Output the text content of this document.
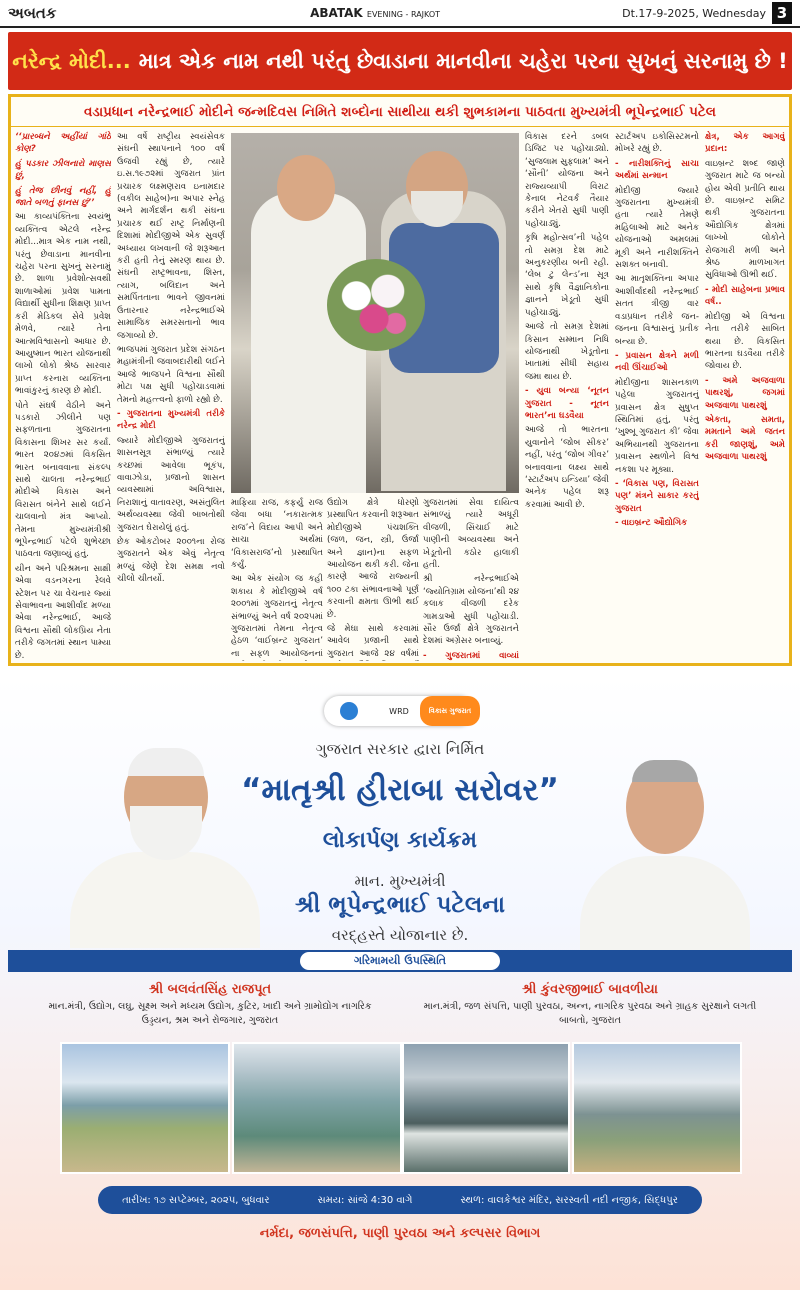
અબતક	ABATAK EVENING - RAJKOT	Dt.17-9-2025, Wednesday 3
નરેન્દ્ર મોદી... માત્ર એક નામ નથી પરંતુ છેવાડાના માનવીના ચહેરા પરના સુખનું સરનામુ છે !
વડાપ્રધાન નરેન્દ્રભાઈ મોદીને જન્મદિવસ નિમિતે શબ્દોના સાથીયા થકી શુભકામના પાઠવતા મુખ્યમંત્રી ભૂપેન્દ્રભાઈ પટેલ

‘‘પ્રારબ્ધને અહીંયાં ગાંઠે કોણ?

હું પડકાર ઝીલનારો માણસ છું,

હું તેજ છીનવું નહીં, હું જાતે બળતું ફાનસ છું’’

આ કાવ્યપંક્તિના સ્વયંભુ વ્યક્તિત્વ એટલે નરેન્દ્ર મોદી...માત્ર એક નામ નથી, પરંતુ છેવાડાના માનવીના ચહેરા પરના સુખનું સરનામું છે. શાળા પ્રવેશોત્સવથી શાળાઓમાં પ્રવેશ પામતા વિદ્યાર્થી સુધીના શિક્ષણ પ્રાપ્ત કરી મેડિકલ સેવે પ્રવેશ મેળવે, ત્યારે તેના આત્મવિશ્વાસનો આધાર છે. આયુષ્માન ભારત યોજનાથી લાખો લોકો શ્રેષ્ઠ સારવાર પ્રાપ્ત કરનારા વ્યક્તિના ભાવાંકુરનું કારણ છે મોદી.

પોતે સંઘર્ષ વેઠીને અને પડકારો ઝીલીને પણ સફળતાના ગુજરાતના વિકાસના શિખર સર કર્યા. ભારત ૨૦૪૭માં વિકસિત ભારત બનાવવાના સંકલ્પ સાથે ચાલતા નરેન્દ્રભાઈ મોદીએ વિકાસ અને વિરાસત બંનેને સાથે લઈને ચાલવાનો મંત્ર આપ્યો. તેમના મુખ્યમંત્રીશ્રી ભૂપેન્દ્રભાઈ પટેલે શુભેચ્છા પાઠવતા જણાવ્યું હતું.

યીન અને પરિશ્રમના સાક્ષી એવા વડનગરના રેલવે સ્ટેશન પર ચા વેચનાર જ્યાં સેવાભાવના આશીર્વાદ મળ્યા એવા નરેન્દ્રભાઈ, આજે વિશ્વના સૌથી લોકપ્રિય નેતા તરીકે જગતમાં સ્થાન પામ્યા છે.

આ વર્ષે રાષ્ટ્રીય સ્વયંસેવક સંઘની સ્થાપનાને ૧૦૦ વર્ષ ઉજવી રહ્યું છે, ત્યારે ઇ.સ.૧૯૭૨માં ગુજરાત પ્રાંત પ્રચારક લક્ષ્મણરાવ ઇનામદાર (વકીલ સાહેબ)ના અપાર સ્નેહ અને માર્ગદર્શન થકી સંઘના પ્રચારક થઈ રાષ્ટ્ર નિર્માણની દિશામાં મોદીજીએ એક સુવર્ણ અધ્યાય લખવાની જે શરૂઆત કરી હતી તેનું સ્મરણ થાય છે. સંઘની રાષ્ટ્રભાવના, શિસ્ત, ત્યાગ, બલિદાન અને સમર્પિતતાના ભાવને જીવનમાં ઉતારનાર નરેન્દ્રભાઈએ સામાજિક સમરસતાનો ભાવ જગાવ્યો છે.

ભાજપમાં ગુજરાત પ્રદેશ સંગઠન મહામંત્રીની જવાબદારીથી લઈને આજે ભાજપને વિશ્વના સૌથી મોટા પક્ષ સુધી પહોંચાડવામાં તેમનો મહત્ત્વનો ફાળો રહ્યો છે.

- ગુજરાતના મુખ્યમંત્રી તરીકે નરેન્દ્ર મોદી

જ્યારે મોદીજીએ ગુજરાતનું શાસનસૂત્ર સંભાળ્યું ત્યારે કચ્છમાં આવેલા ભૂકંપ, વાવાઝોડા, પ્રજાનો શાસન વ્યવસ્થામાં અવિશ્વાસ, નિરાશાનું વાતાવરણ, અસંતુલિત અર્થવ્યવસ્થા જેવી બાબતોથી ગુજરાત ઘેરાયેલું હતું.

છેક ઓકટોબર ૨૦૦૧ના રોજ ગુજરાતને એક એવું નેતૃત્વ મળ્યું જેણે દેશ સમક્ષ નવો ચીલો ચીતર્યો.

માફિયા રાજ, કફર્યુ રાજ જેવા બધા ‘નકારાત્મક રાજ’ને વિદાય આપી અને સાચા અર્થમાં ‘વિકાસરાજ’નો પ્રસ્થાપિત કર્યું.

આ એક સંયોગ જ કહી શકાય કે મોદીજીએ વર્ષ ૨૦૦૧માં ગુજરાતનું નેતૃત્વ સંભાળ્યું અને વર્ષ ૨૦૨૫માં ગુજરાતમાં તેમના નેતૃત્વ હેઠળ ‘વાઈબ્રન્ટ ગુજરાત’ ના સફળ આયોજનનાં

ઉદ્યોગ ક્ષેત્રે ધોરણો પ્રસ્થાપિત કરવાની શરૂઆત મોદીજીએ પંચશક્તિ (જળ, જન, સ્ત્રી, ઉર્જા અને જ્ઞાન)ના સફળ આયોજન થકી કરી. જેના કારણે આજે રાજ્યની ૧૦૦ ટકા સંભાવનાઓ પૂર્ણ કરવાની ક્ષમતા ઊભી થઈ છે.

જે મેઘા સાથે કરવામાં આવેલ પ્રજાની સાથે ગુજરાત આજે ૨૪ વર્ષમાં

ગુજરાતમાં સેવા દાયિત્વ સંભાળ્યું ત્યારે અધૂરી વીજળી, સિંચાઈ માટે પાણીની અવ્યવસ્થા અને ખેડૂતોની કઠોર હાલાકી હતી.

શ્રી નરેન્દ્રભાઈએ ‘જ્યોતિગ્રામ યોજના’થી ૨૪ કલાક વીજળી દરેક ગામડાઓ સુધી પહોંચાડી. સૌર ઉર્જા ક્ષેત્રે ગુજરાતને દેશમાં અગ્રેસર બનાવ્યું.

- ગુજરાતમાં વાવ્યાં

વિકાસ દરને ડબલ ડિજિટ પર પહોંચાડ્યો. ‘સુજલામ સુફલામ’ અને ‘સૌની’ યોજના અને રાજ્યવ્યાપી વિરાટ કેનાલ નેટવર્ક તૈયાર કરીને ખેતરો સુધી પાણી પહોંચાડ્યું.

કૃષિ મહોત્સવ’ની પહેલ તો સમગ્ર દેશ માટે અનુકરણીય બની રહી. ‘લેબ ટુ લેન્ડ’ના સૂત્ર સાથે કૃષિ વૈજ્ઞાનિકોના જ્ઞાનને ખેડૂતો સુધી પહોંચાડ્યું.

આજે તો સમગ્ર દેશમાં કિસાન સમ્માન નિધિ યોજનાથી ખેડૂતોના ખાતામાં સીધી સહાય જમા થાય છે.

- યુવા બન્યા ‘નૂતન ગુજરાત - નૂતન ભારત’ના ઘડવૈયા

આજે તો ભારતના યુવાનોને ‘જોબ સીકર’ નહીં, પરંતુ ‘જોબ ગીવર’ બનાવવાના લક્ષ્ય સાથે ‘સ્ટાર્ટઅપ ઇન્ડિયા’ જેવી અનેક પહેલ શરૂ કરવામાં આવી છે.

સ્ટાર્ટઅપ ઇકોસિસ્ટમનો મોખરે રહ્યું છે.

- નારીશક્તિનું સાચા અર્થમાં સન્માન

મોદીજી જ્યારે ગુજરાતના મુખ્યમંત્રી હતા ત્યારે તેમણે મહિલાઓ માટે અનેક યોજનાઓ અમલમાં મૂકી અને નારીશક્તિને સશક્ત બનાવી.

આ માતૃશક્તિના અપાર આશીર્વાદથી નરેન્દ્રભાઈ સતત ત્રીજી વાર વડાપ્રધાન તરીકે જન-જનના વિશ્વાસનું પ્રતીક બન્યા છે.

- પ્રવાસન ક્ષેત્રને મળી નવી ઊંચાઈઓ

મોદીજીના શાસનકાળ પહેલા ગુજરાતનું પ્રવાસન ક્ષેત્ર સુષુપ્ત સ્થિતિમાં હતું, પરંતુ ‘ખુશ્બૂ ગુજરાત કી’ જેવા અભિયાનથી ગુજરાતના પ્રવાસન સ્થળોને વિશ્વ નકશા પર મૂક્યા.

- ‘વિકાસ પણ, વિરાસત પણ’ મંત્રને સાકાર કરતું ગુજરાત

- વાઇબ્રન્ટ ઔદ્યોગિક

ક્ષેત્ર, એક આગવું પ્રદાન:

વાઇબ્રન્ટ શબ્દ જાણે ગુજરાત માટે જ બન્યો હોય એવી પ્રતીતિ થાય છે. વાઇબ્રન્ટ સમિટ થકી ગુજરાતના ઔદ્યોગિક ક્ષેત્રમાં લાખ્ખો લોકોને રોજગારી મળી અને શ્રેષ્ઠ માળખાગત સુવિધાઓ ઊભી થઈ.

- મોદી સાહેબના પ્રભાવ વર્ષ..

મોદીજી એ વિશ્વના નેતા તરીકે સાબિત થયા છે. વિકસિત ભારતના ઘડવૈયા તરીકે જોવાય છે.

- અમે અજવાળા પાથરશું, જગમાં અજવાળા પાથરશું

એકતા, સમતા, મમતાને અમે જતન કરી જાણશું, અમે અજવાળા પાથરશું

WRD	વિકાસ ગુજરાત
ગુજરાત સરકાર દ્વારા નિર્મિત
“માતૃશ્રી હીરાબા સરોવર”
લોકાર્પણ કાર્યક્રમ
માન. મુખ્યમંત્રી
શ્રી ભૂપેન્દ્રભાઈ પટેલના
વરદ્હસ્તે યોજાનાર છે.
ગરિમામયી ઉપસ્થિતિ
શ્રી બલવંતસિંહ રાજપૂત
માન.મંત્રી, ઉદ્યોગ, લઘુ, સૂક્ષ્મ અને મધ્યમ ઉદ્યોગ, કુટિર, ખાદી અને ગ્રામોદ્યોગ નાગરિક ઉડ્ડયન, શ્રમ અને રોજગાર, ગુજરાત
શ્રી કુંવરજીભાઈ બાવળીયા
માન.મંત્રી, જળ સંપત્તિ, પાણી પુરવઠા, અન્ન, નાગરિક પુરવઠા અને ગ્રાહક સુરક્ષાને લગતી બાબતો, ગુજરાત
તારીખ: ૧૭ સપ્ટેમ્બર, ૨૦૨૫, બુધવાર	સમય: સાંજે 4:30 વાગે	સ્થળ: વાલકેશ્વર મંદિર, સરસ્વતી નદી નજીક, સિદ્ધપુર
નર્મદા, જળસંપત્તિ, પાણી પુરવઠા અને કલ્પસર વિભાગ
